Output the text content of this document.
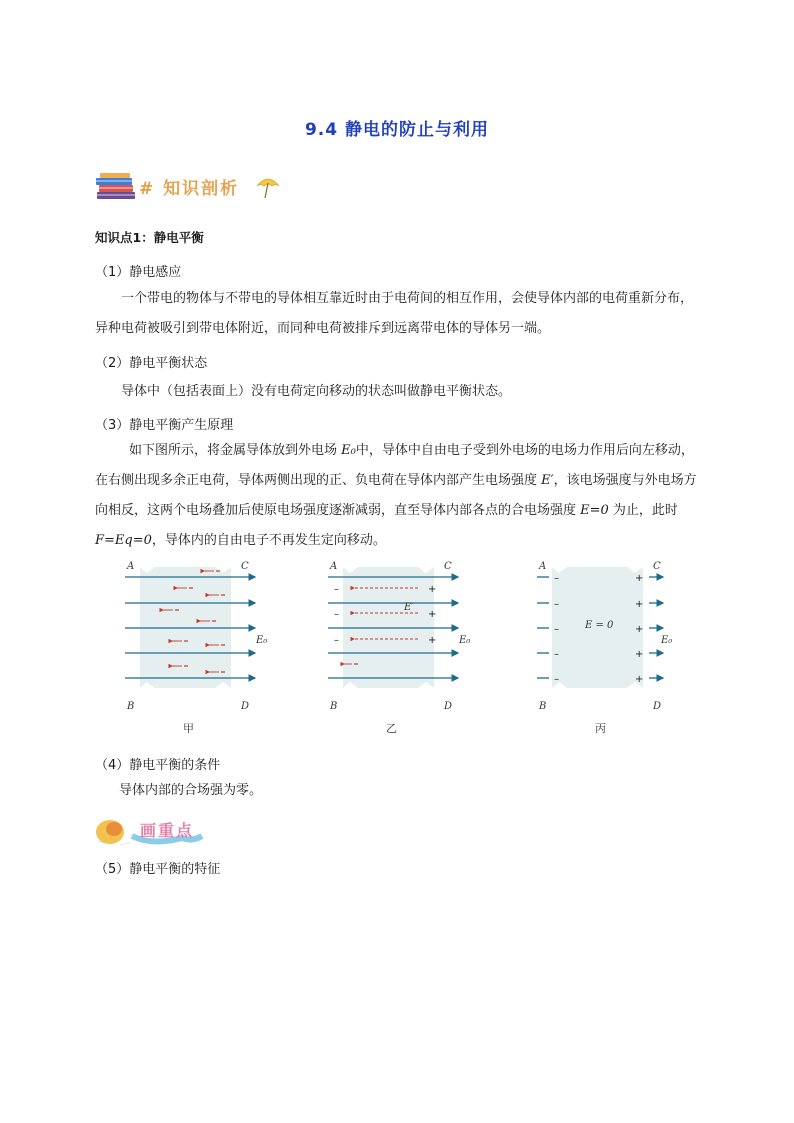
9.4 静电的防止与利用
# 知识剖析
知识点1：静电平衡
（1）静电感应
一个带电的物体与不带电的导体相互靠近时由于电荷间的相互作用，会使导体内部的电荷重新分布，异种电荷被吸引到带电体附近，而同种电荷被排斥到远离带电体的导体另一端。
（2）静电平衡状态
导体中（包括表面上）没有电荷定向移动的状态叫做静电平衡状态。
（3）静电平衡产生原理
如下图所示，将金属导体放到外电场 E₀中，导体中自由电子受到外电场的电场力作用后向左移动，在右侧出现多余正电荷，导体两侧出现的正、负电荷在导体内部产生电场强度 E′，该电场强度与外电场方向相反，这两个电场叠加后使原电场强度逐渐减弱，直至导体内部各点的合电场强度 E=0 为止，此时 F=Eq=0，导体内的自由电子不再发生定向移动。
A	C
B	D
E₀
甲
–
–
–
+
+
+
E′
A	C
B	D
E₀
乙
–
–
–
–
–
+
+
+
+
+
E = 0
A	C
B	D
E₀
丙
（4）静电平衡的条件
导体内部的合场强为零。
画重点
（5）静电平衡的特征
